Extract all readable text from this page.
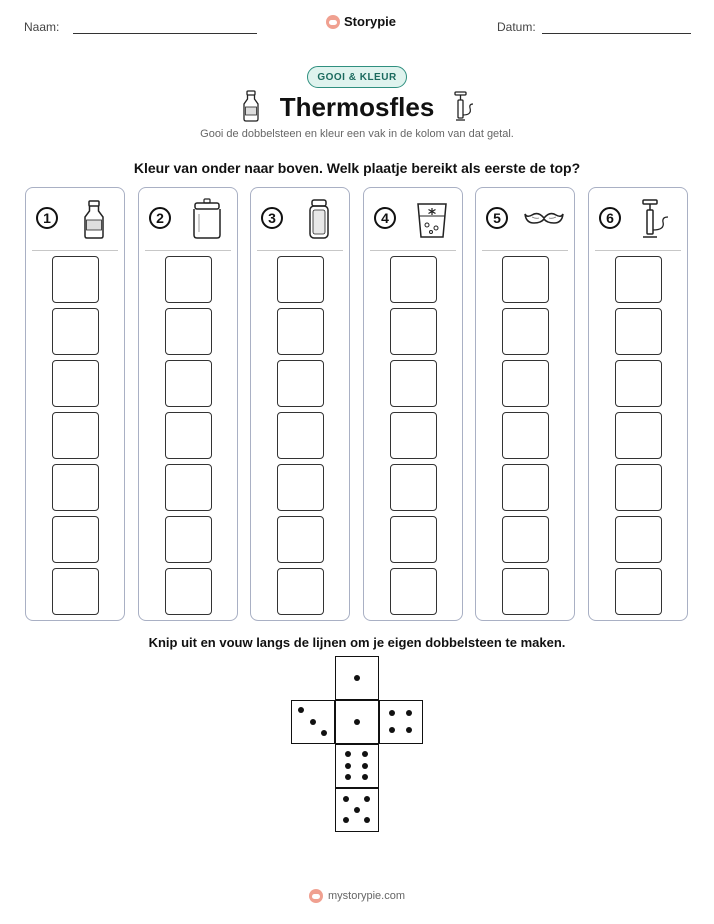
Naam:	Storypie	Datum:
GOOI & KLEUR
Thermosfles
Gooi de dobbelsteen en kleur een vak in de kolom van dat getal.
Kleur van onder naar boven. Welk plaatje bereikt als eerste de top?
1	2	3	4	5	6
Knip uit en vouw langs de lijnen om je eigen dobbelsteen te maken.
mystorypie.com
